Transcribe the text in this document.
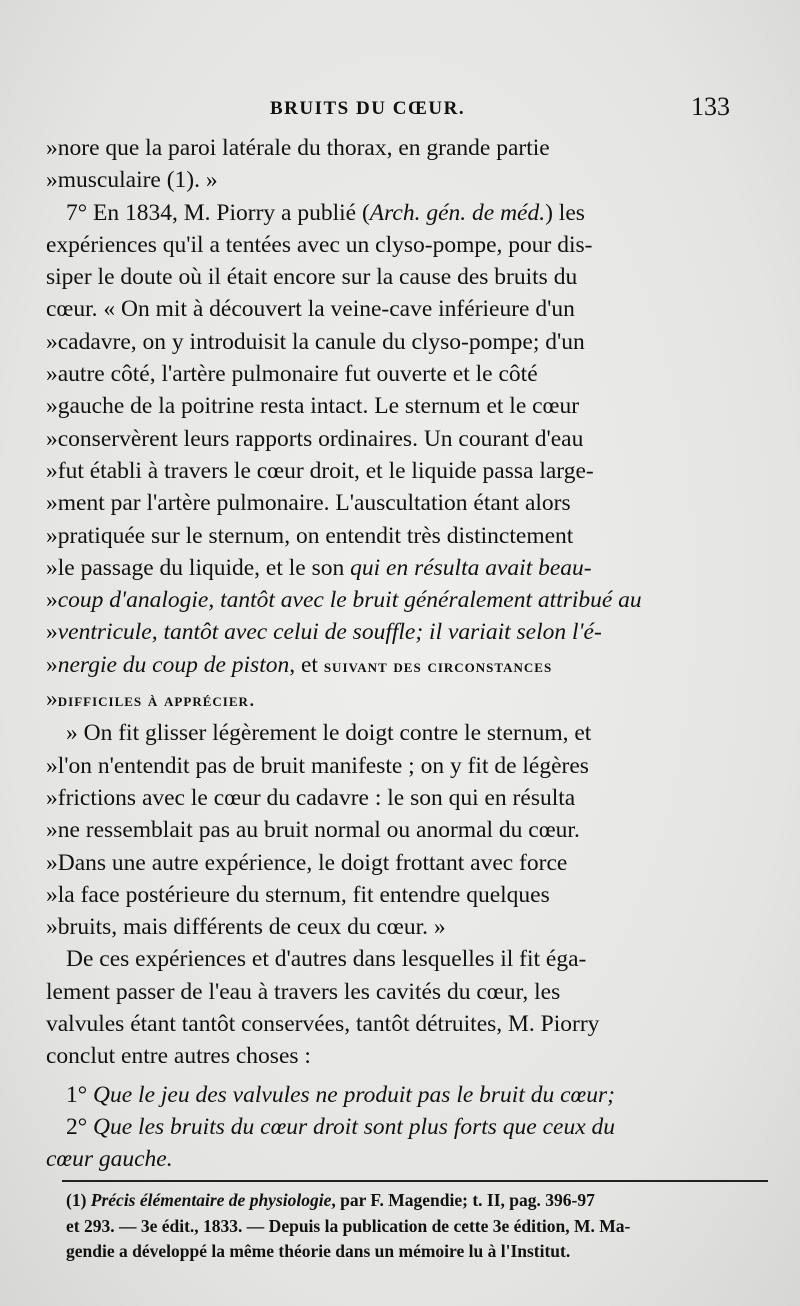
BRUITS DU CŒUR.	133

»nore que la paroi latérale du thorax, en grande partie

»musculaire (1). »

7° En 1834, M. Piorry a publié (Arch. gén. de méd.) les

expériences qu'il a tentées avec un clyso-pompe, pour dis-

siper le doute où il était encore sur la cause des bruits du

cœur. « On mit à découvert la veine-cave inférieure d'un

»cadavre, on y introduisit la canule du clyso-pompe; d'un

»autre côté, l'artère pulmonaire fut ouverte et le côté

»gauche de la poitrine resta intact. Le sternum et le cœur

»conservèrent leurs rapports ordinaires. Un courant d'eau

»fut établi à travers le cœur droit, et le liquide passa large-

»ment par l'artère pulmonaire. L'auscultation étant alors

»pratiquée sur le sternum, on entendit très distinctement

»le passage du liquide, et le son qui en résulta avait beau-

»coup d'analogie, tantôt avec le bruit généralement attribué au

»ventricule, tantôt avec celui de souffle; il variait selon l'é-

»nergie du coup de piston, et suivant des circonstances

»difficiles à apprécier.

» On fit glisser légèrement le doigt contre le sternum, et

»l'on n'entendit pas de bruit manifeste ; on y fit de légères

»frictions avec le cœur du cadavre : le son qui en résulta

»ne ressemblait pas au bruit normal ou anormal du cœur.

»Dans une autre expérience, le doigt frottant avec force

»la face postérieure du sternum, fit entendre quelques

»bruits, mais différents de ceux du cœur. »

De ces expériences et d'autres dans lesquelles il fit éga-

lement passer de l'eau à travers les cavités du cœur, les

valvules étant tantôt conservées, tantôt détruites, M. Piorry

conclut entre autres choses :

1° Que le jeu des valvules ne produit pas le bruit du cœur;

2° Que les bruits du cœur droit sont plus forts que ceux du

cœur gauche.

(1) Précis élémentaire de physiologie, par F. Magendie; t. II, pag. 396-97
et 293. — 3e édit., 1833. — Depuis la publication de cette 3e édition, M. Ma-
gendie a développé la même théorie dans un mémoire lu à l'Institut.
